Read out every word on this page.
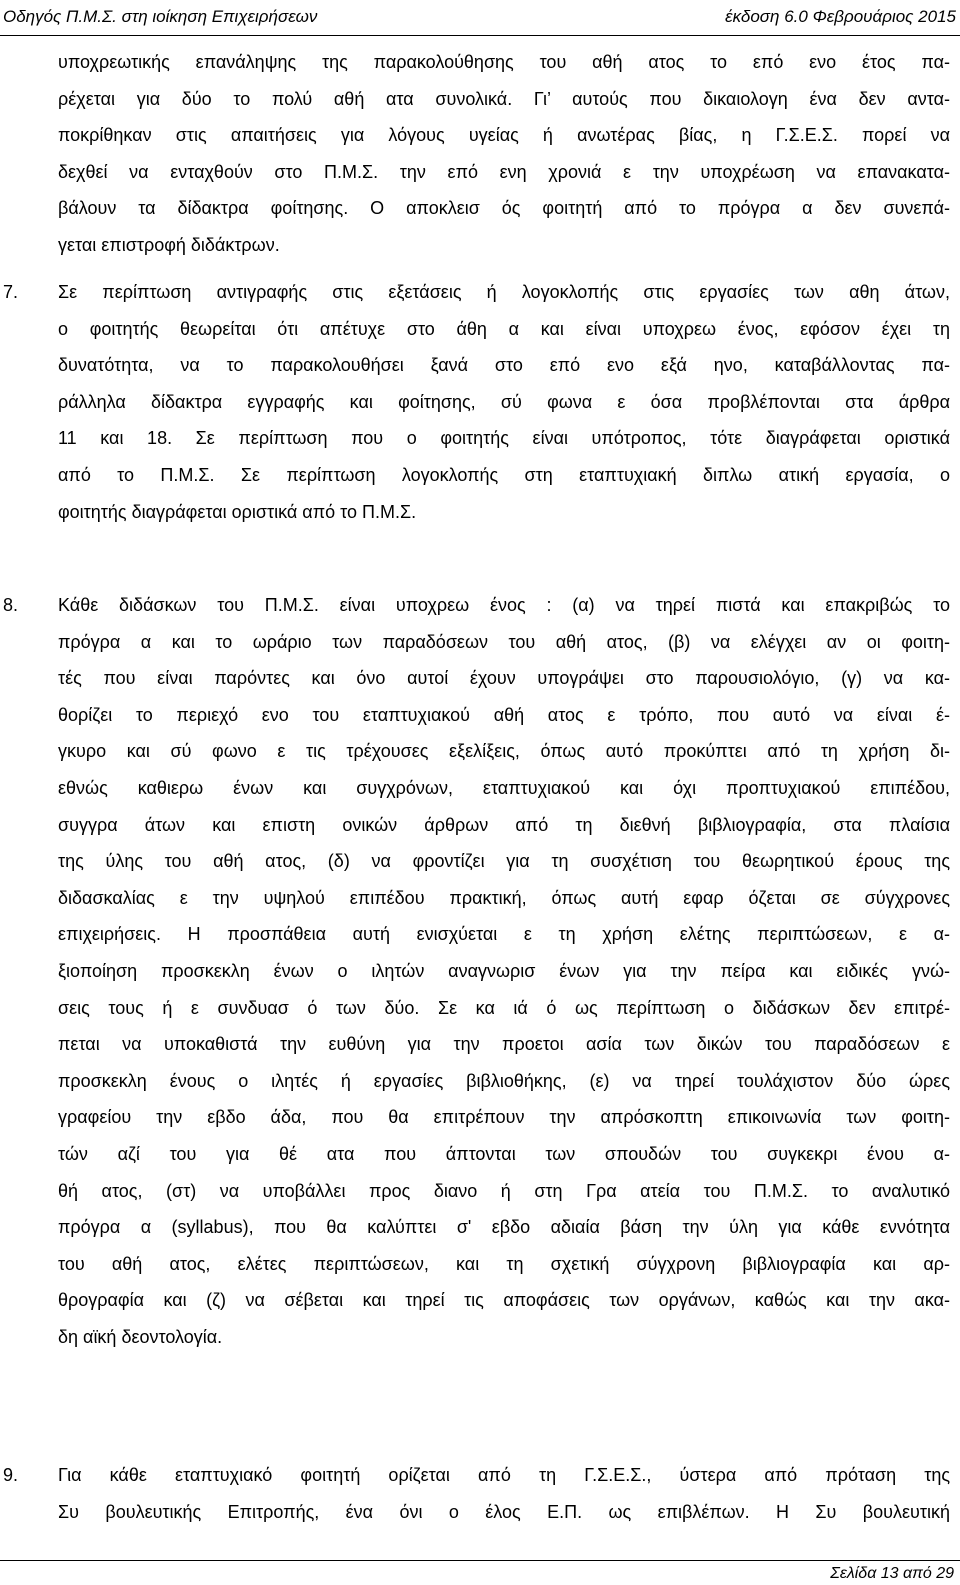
Οδηγός Π.Μ.Σ. στη ιοίκηση Επιχειρήσεων	έκδοση 6.0 Φεβρουάριος 2015
υποχρεωτικής επανάληψης της παρακολούθησης του αθή ατος το επό ενο έτος πα-
ρέχεται για δύο το πολύ αθή ατα συνολικά. Γι’ αυτούς που δικαιολογη ένα δεν αντα-
ποκρίθηκαν στις απαιτήσεις για λόγους υγείας ή ανωτέρας βίας, η Γ.Σ.Ε.Σ. πορεί να
δεχθεί να ενταχθούν στο Π.Μ.Σ. την επό ενη χρονιά ε την υποχρέωση να επανακατα-
βάλουν τα δίδακτρα φοίτησης. Ο αποκλεισ ός φοιτητή από το πρόγρα α δεν συνεπά-
γεται επιστροφή διδάκτρων.
7. Σε περίπτωση αντιγραφής στις εξετάσεις ή λογοκλοπής στις εργασίες των αθη άτων,
ο φοιτητής θεωρείται ότι απέτυχε στο άθη α και είναι υποχρεω ένος, εφόσον έχει τη
δυνατότητα, να το παρακολουθήσει ξανά στο επό ενο εξά ηνο, καταβάλλοντας πα-
ράλληλα δίδακτρα εγγραφής και φοίτησης, σύ φωνα ε όσα προβλέπονται στα άρθρα
11 και 18. Σε περίπτωση που ο φοιτητής είναι υπότροπος, τότε διαγράφεται οριστικά
από το Π.Μ.Σ. Σε περίπτωση λογοκλοπής στη εταπτυχιακή διπλω ατική εργασία, ο
φοιτητής διαγράφεται οριστικά από το Π.Μ.Σ.
8. Κάθε διδάσκων του Π.Μ.Σ. είναι υποχρεω ένος : (α) να τηρεί πιστά και επακριβώς το
πρόγρα α και το ωράριο των παραδόσεων του αθή ατος, (β) να ελέγχει αν οι φοιτη-
τές που είναι παρόντες και όνο αυτοί έχουν υπογράψει στο παρουσιολόγιο, (γ) να κα-
θορίζει το περιεχό ενο του εταπτυχιακού αθή ατος ε τρόπο, που αυτό να είναι έ-
γκυρο και σύ φωνο ε τις τρέχουσες εξελίξεις, όπως αυτό προκύπτει από τη χρήση δι-
εθνώς καθιερω ένων και συγχρόνων, εταπτυχιακού και όχι προπτυχιακού επιπέδου,
συγγρα άτων και επιστη ονικών άρθρων από τη διεθνή βιβλιογραφία, στα πλαίσια
της ύλης του αθή ατος, (δ) να φροντίζει για τη συσχέτιση του θεωρητικού έρους της
διδασκαλίας ε την υψηλού επιπέδου πρακτική, όπως αυτή εφαρ όζεται σε σύγχρονες
επιχειρήσεις. Η προσπάθεια αυτή ενισχύεται ε τη χρήση ελέτης περιπτώσεων, ε α-
ξιοποίηση προσκεκλη ένων ο ιλητών αναγνωρισ ένων για την πείρα και ειδικές γνώ-
σεις τους ή ε συνδυασ ό των δύο. Σε κα ιά ό ως περίπτωση ο διδάσκων δεν επιτρέ-
πεται να υποκαθιστά την ευθύνη για την προετοι ασία των δικών του παραδόσεων ε
προσκεκλη ένους ο ιλητές ή εργασίες βιβλιοθήκης, (ε) να τηρεί τουλάχιστον δύο ώρες
γραφείου την εβδο άδα, που θα επιτρέπουν την απρόσκοπτη επικοινωνία των φοιτη-
τών αζί του για θέ ατα που άπτονται των σπουδών του συγκεκρι ένου α-
θή ατος, (στ) να υποβάλλει προς διανο ή στη Γρα ατεία του Π.Μ.Σ. το αναλυτικό
πρόγρα α (syllabus), που θα καλύπτει σ' εβδο αδιαία βάση την ύλη για κάθε εννότητα
του αθή ατος, ελέτες περιπτώσεων, και τη σχετική σύγχρονη βιβλιογραφία και αρ-
θρογραφία και (ζ) να σέβεται και τηρεί τις αποφάσεις των οργάνων, καθώς και την ακα-
δη αϊκή δεοντολογία.
9. Για κάθε εταπτυχιακό φοιτητή ορίζεται από τη Γ.Σ.Ε.Σ., ύστερα από πρόταση της
Συ βουλευτικής Επιτροπής, ένα όνι ο έλος Ε.Π. ως επιβλέπων. Η Συ βουλευτική
Σελίδα 13 από 29
